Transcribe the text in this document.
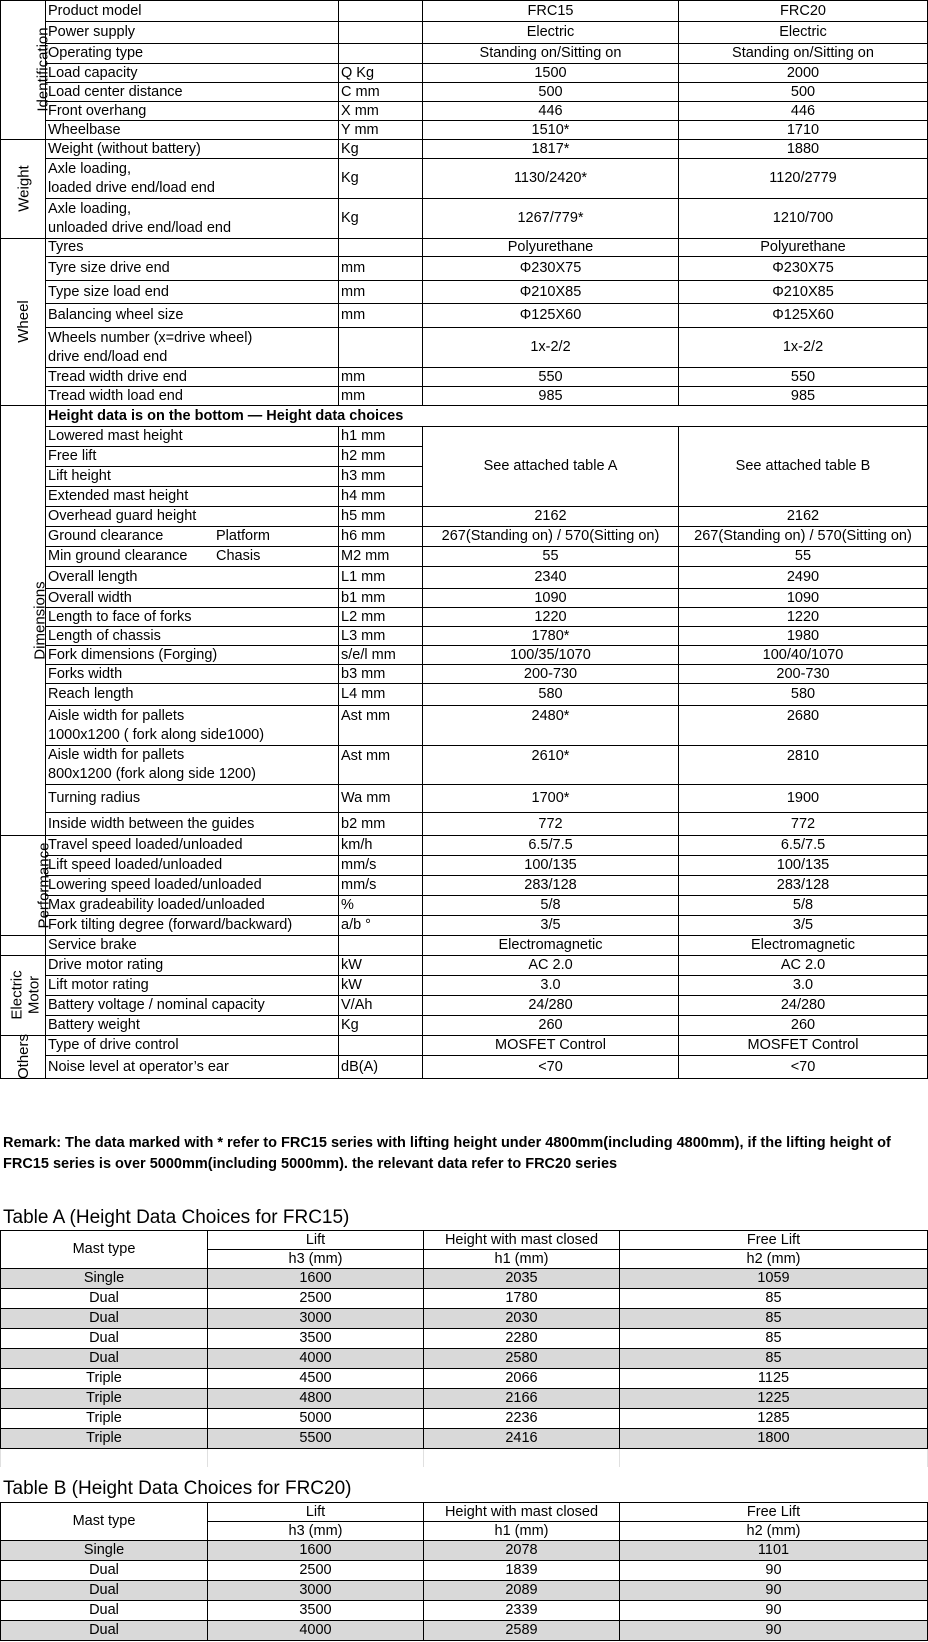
Identification	Product model		FRC15	FRC20
	Power supply		Electric	Electric
	Operating type		Standing on/Sitting on	Standing on/Sitting on
	Load capacity	Q Kg	1500	2000
	Load center distance	C mm	500	500
	Front overhang	X mm	446	446
	Wheelbase	Y mm	1510*	1710
Weight	Weight (without battery)	Kg	1817*	1880
	Axle loading,
loaded drive end/load end	Kg	1130/2420*	1120/2779
	Axle loading,
unloaded drive end/load end	Kg	1267/779*	1210/700
Wheel	Tyres		Polyurethane	Polyurethane
	Tyre size drive end	mm	Φ230X75	Φ230X75
	Type size load end	mm	Φ210X85	Φ210X85
	Balancing wheel size	mm	Φ125X60	Φ125X60
	Wheels number (x=drive wheel)
drive end/load end		1x-2/2	1x-2/2
	Tread width drive end	mm	550	550
	Tread width load end	mm	985	985
Dimensions	Height data is on the bottom — Height data choices			
	Lowered mast height	h1 mm	See attached table A	See attached table B
	Free lift	h2 mm		
	Lift height	h3 mm		
	Extended mast height	h4 mm		
	Overhead guard height	h5 mm	2162	2162
	Ground clearance Platform	h6 mm	267(Standing on) / 570(Sitting on)	267(Standing on) / 570(Sitting on)
	Min ground clearance Chasis	M2 mm	55	55
	Overall length	L1 mm	2340	2490
	Overall width	b1 mm	1090	1090
	Length to face of forks	L2 mm	1220	1220
	Length of chassis	L3 mm	1780*	1980
	Fork dimensions (Forging)	s/e/l mm	100/35/1070	100/40/1070
	Forks width	b3 mm	200-730	200-730
	Reach length	L4 mm	580	580
	Aisle width for pallets
1000x1200 ( fork along side1000)	Ast mm	2480*	2680
	Aisle width for pallets
800x1200 (fork along side 1200)	Ast mm	2610*	2810
	Turning radius	Wa mm	1700*	1900
	Inside width between the guides	b2 mm	772	772
Performance	Travel speed loaded/unloaded	km/h	6.5/7.5	6.5/7.5
	Lift speed loaded/unloaded	mm/s	100/135	100/135
	Lowering speed loaded/unloaded	mm/s	283/128	283/128
	Max gradeability loaded/unloaded	%	5/8	5/8
	Fork tilting degree (forward/backward)	a/b °	3/5	3/5
	Service brake		Electromagnetic	Electromagnetic
Electric
Motor	Drive motor rating	kW	AC 2.0	AC 2.0
	Lift motor rating	kW	3.0	3.0
	Battery voltage / nominal capacity	V/Ah	24/280	24/280
	Battery weight	Kg	260	260
Others	Type of drive control		MOSFET Control	MOSFET Control
	Noise level at operator’s ear	dB(A)	<70	<70
Remark: The data marked with * refer to FRC15 series with lifting height under 4800mm(including 4800mm), if the lifting height of FRC15 series is over 5000mm(including 5000mm). the relevant data refer to FRC20 series
Table A (Height Data Choices for FRC15)
Mast type	Lift	Height with mast closed	Free Lift
	h3 (mm)	h1 (mm)	h2 (mm)
Single	1600	2035	1059
Dual	2500	1780	85
Dual	3000	2030	85
Dual	3500	2280	85
Dual	4000	2580	85
Triple	4500	2066	1125
Triple	4800	2166	1225
Triple	5000	2236	1285
Triple	5500	2416	1800

Table B (Height Data Choices for FRC20)
Mast type	Lift	Height with mast closed	Free Lift
	h3 (mm)	h1 (mm)	h2 (mm)
Single	1600	2078	1101
Dual	2500	1839	90
Dual	3000	2089	90
Dual	3500	2339	90
Dual	4000	2589	90
